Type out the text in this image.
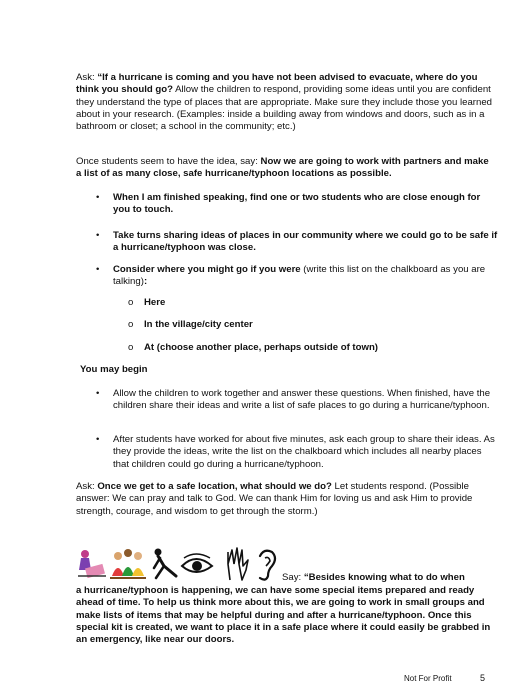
Ask: “If a hurricane is coming and you have not been advised to evacuate, where do you think you should go? Allow the children to respond, providing some ideas until you are confident they understand the type of places that are appropriate. Make sure they include those you learned about in your research. (Examples: inside a building away from windows and doors, such as in a bathroom or closet; a school in the community; etc.)
Once students seem to have the idea, say: Now we are going to work with partners and make a list of as many close, safe hurricane/typhoon locations as possible.
• When I am finished speaking, find one or two students who are close enough for you to touch.
• Take turns sharing ideas of places in our community where we could go to be safe if a hurricane/typhoon was close.
• Consider where you might go if you were (write this list on the chalkboard as you are talking):
o Here
o In the village/city center
o At (choose another place, perhaps outside of town)
You may begin
• Allow the children to work together and answer these questions. When finished, have the children share their ideas and write a list of safe places to go during a hurricane/typhoon.
• After students have worked for about five minutes, ask each group to share their ideas. As they provide the ideas, write the list on the chalkboard which includes all nearby places that children could go during a hurricane/typhoon.
Ask: Once we get to a safe location, what should we do? Let students respond. (Possible answer: We can pray and talk to God. We can thank Him for loving us and ask Him to provide strength, courage, and wisdom to get through the storm.)
Say: “Besides knowing what to do when
a hurricane/typhoon is happening, we can have some special items prepared and ready ahead of time. To help us think more about this, we are going to work in small groups and make lists of items that may be helpful during and after a hurricane/typhoon. Once this special kit is created, we want to place it in a safe place where it could easily be grabbed in an emergency, like near our doors.
Not For Profit	5
